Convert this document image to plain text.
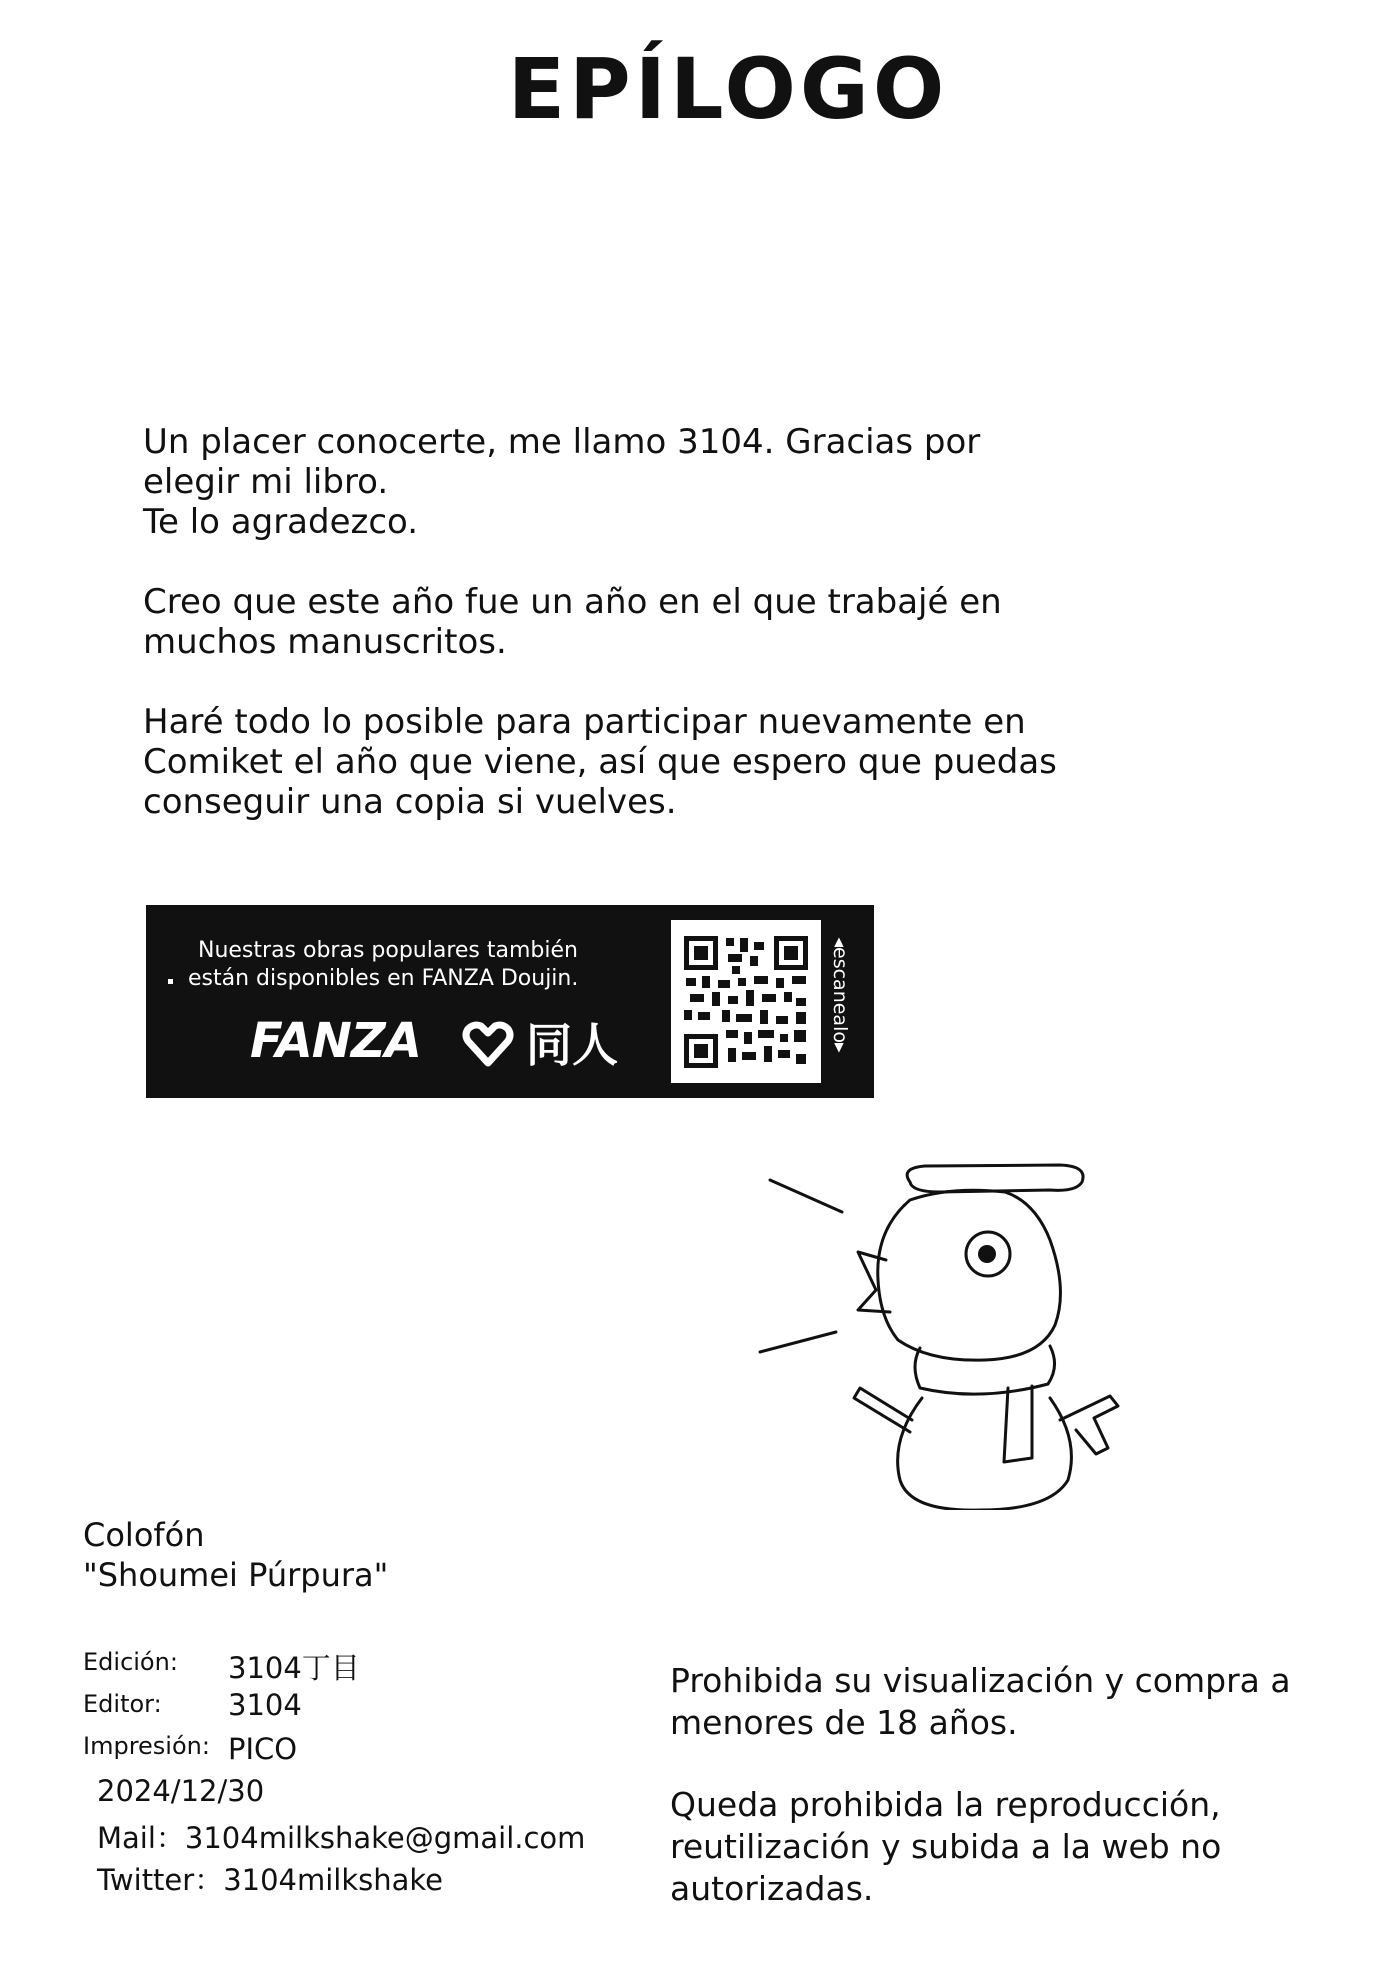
EPÍLOGO

Un placer conocerte, me llamo 3104. Gracias por
elegir mi libro.
Te lo agradezco.

Creo que este año fue un año en el que trabajé en
muchos manuscritos.

Haré todo lo posible para participar nuevamente en
Comiket el año que viene, así que espero que puedas
conseguir una copia si vuelves.

Nuestras obras populares también
están disponibles en FANZA Doujin.
FANZA 同人	◂escanealo▸
Colofón
"Shoumei Púrpura"
Edición: 3104丁目
Editor: 3104
Impresión: PICO
2024/12/30
Mail：3104milkshake@gmail.com
Twitter：3104milkshake

Prohibida su visualización y compra a
menores de 18 años.

Queda prohibida la reproducción,
reutilización y subida a la web no
autorizadas.
